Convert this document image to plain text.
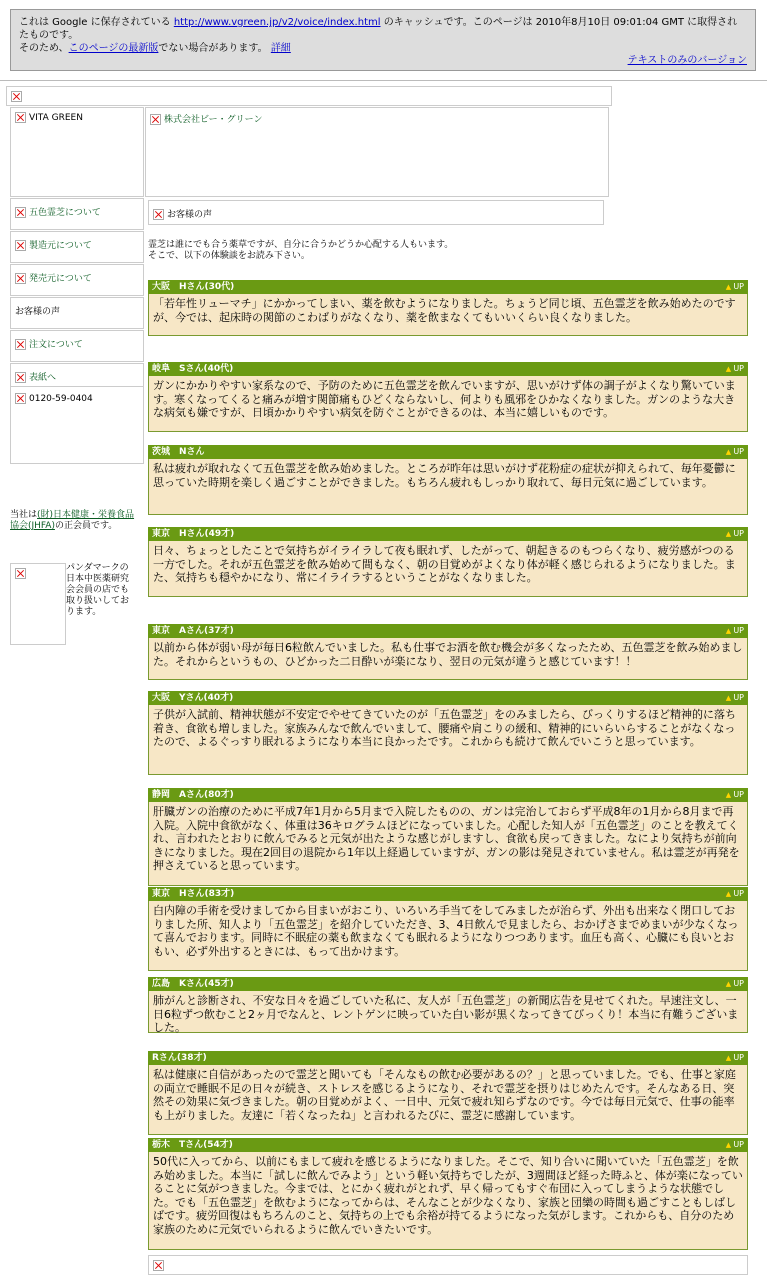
これは Google に保存されている http://www.vgreen.jp/v2/voice/index.html のキャッシュです。このページは 2010年8月10日 09:01:04 GMT に取得されたものです。
そのため、このページの最新版でない場合があります。 詳細
テキストのみのバージョン
VITA GREEN	株式会社ビー・グリーン
お客様の声
五色霊芝について
製造元について
発売元について
お客様の声
注文について
表紙へ
0120-59-0404
当社は(財)日本健康・栄養食品協会(JHFA)の正会員です。
パンダマークの日本中医薬研究会会員の店でも取り扱いしております。
霊芝は誰にでも合う薬草ですが、自分に合うかどうか心配する人もいます。
そこで、以下の体験談をお読み下さい。
大阪　Hさん(30代)	▲ UP
「若年性リューマチ」にかかってしまい、薬を飲むようになりました。ちょうど同じ頃、五色霊芝を飲み始めたのですが、今では、起床時の関節のこわばりがなくなり、薬を飲まなくてもいいくらい良くなりました。
岐阜　Sさん(40代)	▲ UP
ガンにかかりやすい家系なので、予防のために五色霊芝を飲んでいますが、思いがけず体の調子がよくなり驚いています。寒くなってくると痛みが増す関節痛もひどくならないし、何よりも風邪をひかなくなりました。ガンのような大きな病気も嫌ですが、日頃かかりやすい病気を防ぐことができるのは、本当に嬉しいものです。
茨城　Nさん	▲ UP
私は疲れが取れなくて五色霊芝を飲み始めました。ところが昨年は思いがけず花粉症の症状が抑えられて、毎年憂鬱に思っていた時期を楽しく過ごすことができました。もちろん疲れもしっかり取れて、毎日元気に過ごしています。
東京　Hさん(49才)	▲ UP
日々、ちょっとしたことで気持ちがイライラして夜も眠れず、したがって、朝起きるのもつらくなり、疲労感がつのる一方でした。それが五色霊芝を飲み始めて間もなく、朝の目覚めがよくなり体が軽く感じられるようになりました。また、気持ちも穏やかになり、常にイライラするということがなくなりました。
東京　Aさん(37才)	▲ UP
以前から体が弱い母が毎日6粒飲んでいました。私も仕事でお酒を飲む機会が多くなったため、五色霊芝を飲み始めました。それからというもの、ひどかった二日酔いが楽になり、翌日の元気が違うと感じています！！
大阪　Yさん(40才)	▲ UP
子供が入試前、精神状態が不安定でやせてきていたのが「五色霊芝」をのみましたら、びっくりするほど精神的に落ち着き、食欲も増しました。家族みんなで飲んでいまして、腰痛や肩こりの緩和、精神的にいらいらすることがなくなったので、よるぐっすり眠れるようになり本当に良かったです。これからも続けて飲んでいこうと思っています。
静岡　Aさん(80才)	▲ UP
肝臓ガンの治療のために平成7年1月から5月まで入院したものの、ガンは完治しておらず平成8年の1月から8月まで再入院。入院中食欲がなく、体重は36キログラムほどになっていました。心配した知人が「五色霊芝」のことを教えてくれ、言われたとおりに飲んでみると元気が出たような感じがしますし、食欲も戻ってきました。なにより気持ちが前向きになりました。現在2回目の退院から1年以上経過していますが、ガンの影は発見されていません。私は霊芝が再発を押さえていると思っています。
東京　Hさん(83才)	▲ UP
白内障の手術を受けましてから目まいがおこり、いろいろ手当てをしてみましたが治らず、外出も出来なく閉口しておりました所、知人より「五色霊芝」を紹介していただき、3、4日飲んで見ましたら、おかげさまでめまいが少なくなって喜んでおります。同時に不眠症の薬も飲まなくても眠れるようになりつつあります。血圧も高く、心臓にも良いとおもい、必ず外出するときには、もって出かけます。
広島　Kさん(45才)	▲ UP
肺がんと診断され、不安な日々を過ごしていた私に、友人が「五色霊芝」の新聞広告を見せてくれた。早速注文し、一日6粒ずつ飲むこと2ヶ月でなんと、レントゲンに映っていた白い影が黒くなってきてびっくり！本当に有難うございました。
Rさん(38才)	▲ UP
私は健康に自信があったので霊芝と聞いても「そんなもの飲む必要があるの？」と思っていました。でも、仕事と家庭の両立で睡眠不足の日々が続き、ストレスを感じるようになり、それで霊芝を摂りはじめたんです。そんなある日、突然その効果に気づきました。朝の目覚めがよく、一日中、元気で疲れ知らずなのです。今では毎日元気で、仕事の能率も上がりました。友達に「若くなったね」と言われるたびに、霊芝に感謝しています。
栃木　Tさん(54才)	▲ UP
50代に入ってから、以前にもまして疲れを感じるようになりました。そこで、知り合いに聞いていた「五色霊芝」を飲み始めました。本当に「試しに飲んでみよう」という軽い気持ちでしたが、3週間ほど経った時ふと、体が楽になっていることに気がつきました。今までは、とにかく疲れがとれず、早く帰ってもすぐ布団に入ってしまうような状態でした。でも「五色霊芝」を飲むようになってからは、そんなことが少なくなり、家族と団欒の時間も過ごすこともしばしばです。疲労回復はもちろんのこと、気持ちの上でも余裕が持てるようになった気がします。これからも、自分のため家族のために元気でいられるように飲んでいきたいです。
